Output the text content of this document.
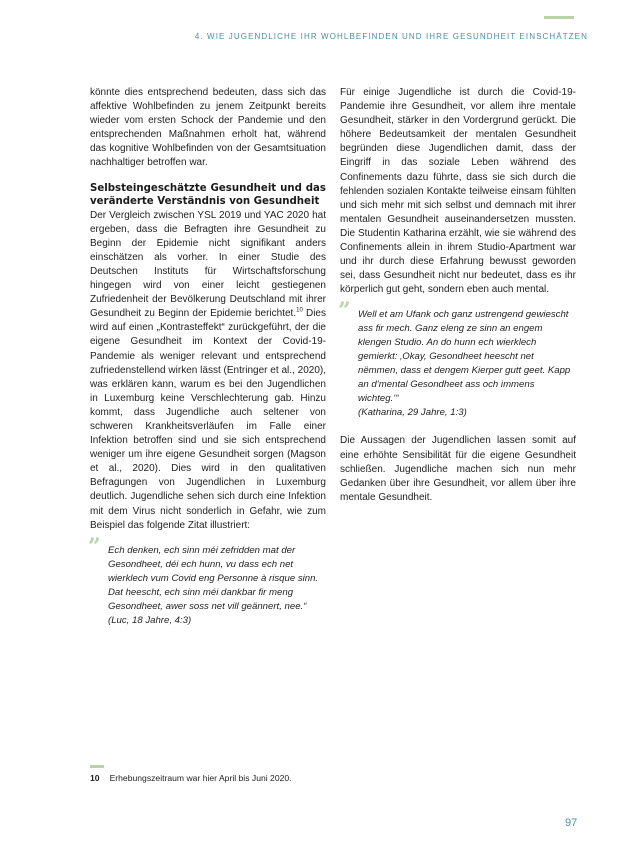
4. WIE JUGENDLICHE IHR WOHLBEFINDEN UND IHRE GESUNDHEIT EINSCHÄTZEN

könnte dies entsprechend bedeuten, dass sich das affektive Wohlbefinden zu jenem Zeitpunkt bereits wieder vom ersten Schock der Pandemie und den entsprechenden Maßnahmen erholt hat, während das kognitive Wohlbefinden von der Gesamtsituation nachhaltiger betroffen war.

Selbsteingeschätzte Gesundheit und das veränderte Verständnis von Gesundheit

Der Vergleich zwischen YSL 2019 und YAC 2020 hat ergeben, dass die Befragten ihre Gesundheit zu Beginn der Epidemie nicht signifikant anders einschätzen als vorher. In einer Studie des Deutschen Instituts für Wirtschaftsforschung hingegen wird von einer leicht gestiegenen Zufriedenheit der Bevölkerung Deutschland mit ihrer Gesundheit zu Beginn der Epidemie berichtet.$^{10}$ Dies wird auf einen „Kontrasteffekt“ zurückgeführt, der die eigene Gesundheit im Kontext der Covid-19-Pandemie als weniger relevant und entsprechend zufriedenstellend wirken lässt (Entringer et al., 2020), was erklären kann, warum es bei den Jugendlichen in Luxemburg keine Verschlechterung gab. Hinzu kommt, dass Jugendliche auch seltener von schweren Krankheitsverläufen im Falle einer Infektion betroffen sind und sie sich entsprechend weniger um ihre eigene Gesundheit sorgen (Magson et al., 2020). Dies wird in den qualitativen Befragungen von Jugendlichen in Luxemburg deutlich. Jugendliche sehen sich durch eine Infektion mit dem Virus nicht sonderlich in Gefahr, wie zum Beispiel das folgende Zitat illustriert:

” Ech denken, ech sinn méi zefridden mat der Gesondheet, déi ech hunn, vu dass ech net wierklech vum Covid eng Personne à risque sinn. Dat heescht, ech sinn méi dankbar fir meng Gesondheet, awer soss net vill geännert, nee.“
(Luc, 18 Jahre, 4:3)

Für einige Jugendliche ist durch die Covid-19-Pandemie ihre Gesundheit, vor allem ihre mentale Gesundheit, stärker in den Vordergrund gerückt. Die höhere Bedeutsamkeit der mentalen Gesundheit begründen diese Jugendlichen damit, dass der Eingriff in das soziale Leben während des Confinements dazu führte, dass sie sich durch die fehlenden sozialen Kontakte teilweise einsam fühlten und sich mehr mit sich selbst und demnach mit ihrer mentalen Gesundheit auseinandersetzen mussten. Die Studentin Katharina erzählt, wie sie während des Confinements allein in ihrem Studio-Apartment war und ihr durch diese Erfahrung bewusst geworden sei, dass Gesundheit nicht nur bedeutet, dass es ihr körperlich gut geht, sondern eben auch mental.

” Well et am Ufank och ganz ustrengend gewiescht ass fir mech. Ganz eleng ze sinn an engem klengen Studio. An do hunn ech wierklech gemierkt: ‚Okay, Gesondheet heescht net nëmmen, dass et dengem Kierper gutt geet. Kapp an d’mental Gesondheet ass och immens wichteg.‘“
(Katharina, 29 Jahre, 1:3)

Die Aussagen der Jugendlichen lassen somit auf eine erhöhte Sensibilität für die eigene Gesundheit schließen. Jugendliche machen sich nun mehr Gedanken über ihre Gesundheit, vor allem über ihre mentale Gesundheit.

10 Erhebungszeitraum war hier April bis Juni 2020.
97
